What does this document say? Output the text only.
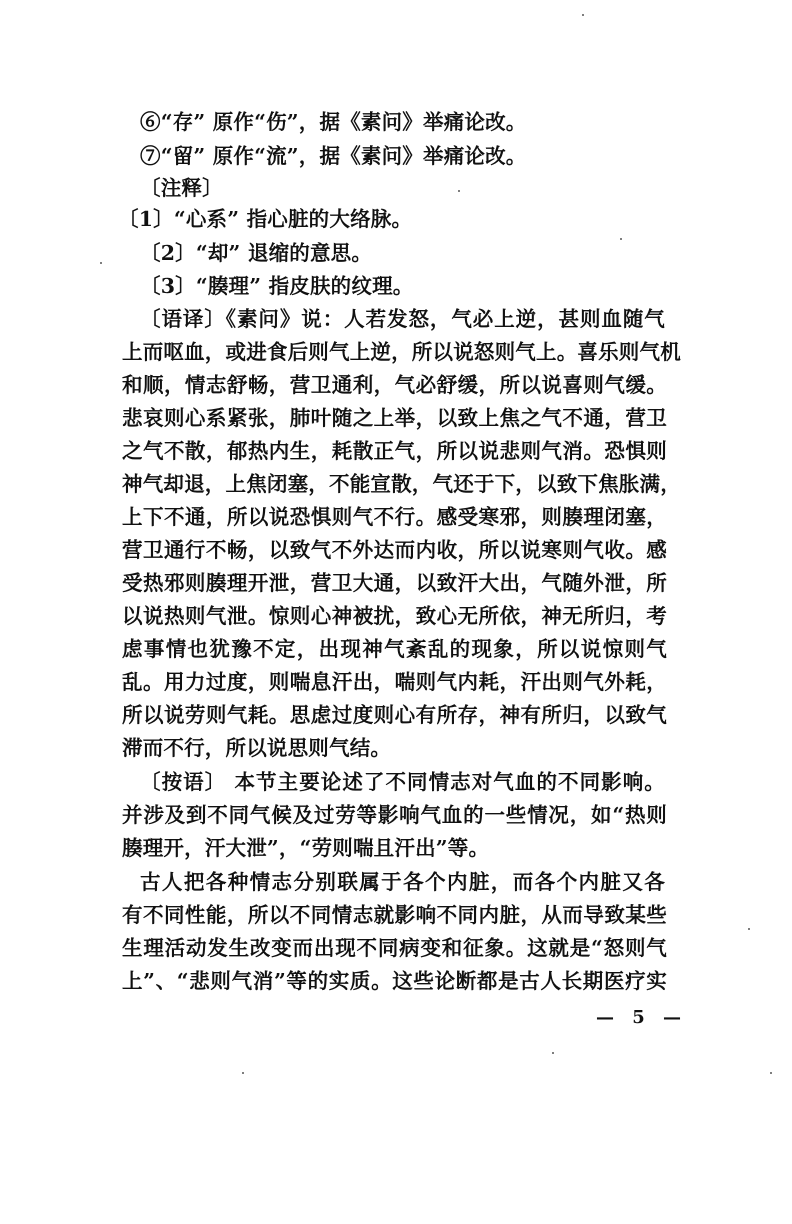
⑥“存” 原作“伤”，据《素问》举痛论改。
⑦“留” 原作“流”，据《素问》举痛论改。
〔注释〕
〔1〕“心系” 指心脏的大络脉。
〔2〕“却” 退缩的意思。
〔3〕“腠理” 指皮肤的纹理。
〔语译〕《素问》说：人若发怒，气必上逆，甚则血随气
上而呕血，或进食后则气上逆，所以说怒则气上。喜乐则气机
和顺，情志舒畅，营卫通利，气必舒缓，所以说喜则气缓。
悲哀则心系紧张，肺叶随之上举，以致上焦之气不通，营卫
之气不散，郁热内生，耗散正气，所以说悲则气消。恐惧则
神气却退，上焦闭塞，不能宣散，气还于下，以致下焦胀满，
上下不通，所以说恐惧则气不行。感受寒邪，则腠理闭塞，
营卫通行不畅，以致气不外达而内收，所以说寒则气收。感
受热邪则腠理开泄，营卫大通，以致汗大出，气随外泄，所
以说热则气泄。惊则心神被扰，致心无所依，神无所归，考
虑事情也犹豫不定，出现神气紊乱的现象，所以说惊则气
乱。用力过度，则喘息汗出，喘则气内耗，汗出则气外耗，
所以说劳则气耗。思虑过度则心有所存，神有所归，以致气
滞而不行，所以说思则气结。
〔按语〕 本节主要论述了不同情志对气血的不同影响。
并涉及到不同气候及过劳等影响气血的一些情况，如“热则
腠理开，汗大泄”，“劳则喘且汗出”等。
古人把各种情志分别联属于各个内脏，而各个内脏又各
有不同性能，所以不同情志就影响不同内脏，从而导致某些
生理活动发生改变而出现不同病变和征象。这就是“怒则气
上”、“悲则气消”等的实质。这些论断都是古人长期医疗实
— 5 —
